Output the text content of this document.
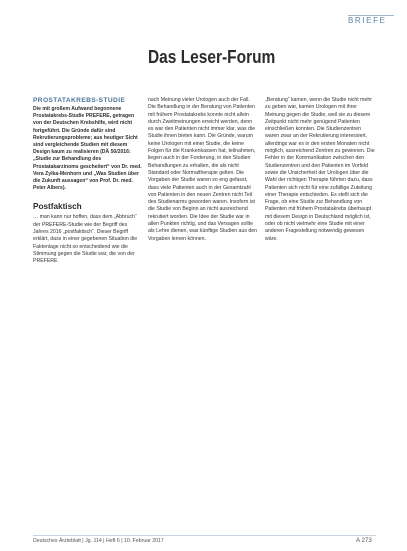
BRIEFE
Das Leser-Forum
PROSTATAKREBS-STUDIE

Die mit großem Aufwand begonnene Prostatakrebs-Studie PREFERE, getragen von der Deutschen Krebshilfe, wird nicht fortgeführt. Die Gründe dafür sind Rekrutierungsprobleme; aus heutiger Sicht sind vergleichende Studien mit diesem Design kaum zu realisieren (DÄ 50/2016: „Studie zur Behandlung des Prostatakarzinoms gescheitert“ von Dr. med. Vera Zylka-Menhorn und „Was Studien über die Zukunft aussagen“ von Prof. Dr. med. Peter Albers).

Postfaktisch

… man kann nur hoffen, dass dem „Abbruch“ der PREFERE-Studie wie der Begriff des Jahres 2016 „postfaktisch“. Dieser Begriff erklärt, dass in einer gegebenen Situation die Faktenlage nicht so entscheidend wie die Stimmung gegen die Studie war, die von der PREFERE

nach Meinung vieler Urologen auch der Fall. Die Behandlung in der Beratung von Patienten mit frühem Prostatakrebs konnte nicht allein durch Zweitmeinungen erreicht werden, denn es war den Patienten nicht immer klar, was die Studie ihnen bieten kann. Die Gründe, warum keine Urologen mit einer Studie, die keine Folgen für die Krankenkassen hat, teilnahmen, liegen auch in der Forderung, in den Studien Behandlungen zu erhalten, die als nicht Standard oder Normaltherapie gelten. Die Vorgaben der Studie waren so eng gefasst, dass viele Patienten auch in der Gesamtzahl von Patienten in den neuen Zentren nicht Teil des Studienarms geworden waren. Insofern ist die Studie von Beginn an nicht ausreichend rekrutiert worden. Die Idee der Studie war in allen Punkten richtig, und das Versagen sollte als Lehre dienen, was künftige Studien aus den Vorgaben lernen können.

„Beratung“ kamen, wenn die Studie nicht mehr zu geben war, kamen Urologen mit ihrer Meinung gegen die Studie, weil sie zu diesem Zeitpunkt nicht mehr genügend Patienten einschließen konnten. Die Studienzentren waren zwar an der Rekrutierung interessiert, allerdings war es in den ersten Monaten nicht möglich, ausreichend Zentren zu gewinnen. Die Fehler in der Kommunikation zwischen den Studienzentren und den Patienten im Vorfeld sowie die Unsicherheit der Urologen über die Wahl der richtigen Therapie führten dazu, dass Patienten sich nicht für eine zufällige Zuteilung einer Therapie entschieden. Es stellt sich die Frage, ob eine Studie zur Behandlung von Patienten mit frühem Prostatakrebs überhaupt mit diesem Design in Deutschland möglich ist, oder ob nicht vielmehr eine Studie mit einer anderen Fragestellung notwendig gewesen wäre.

Deutsches Ärzteblatt | Jg. 114 | Heft 6 | 10. Februar 2017	A 273
